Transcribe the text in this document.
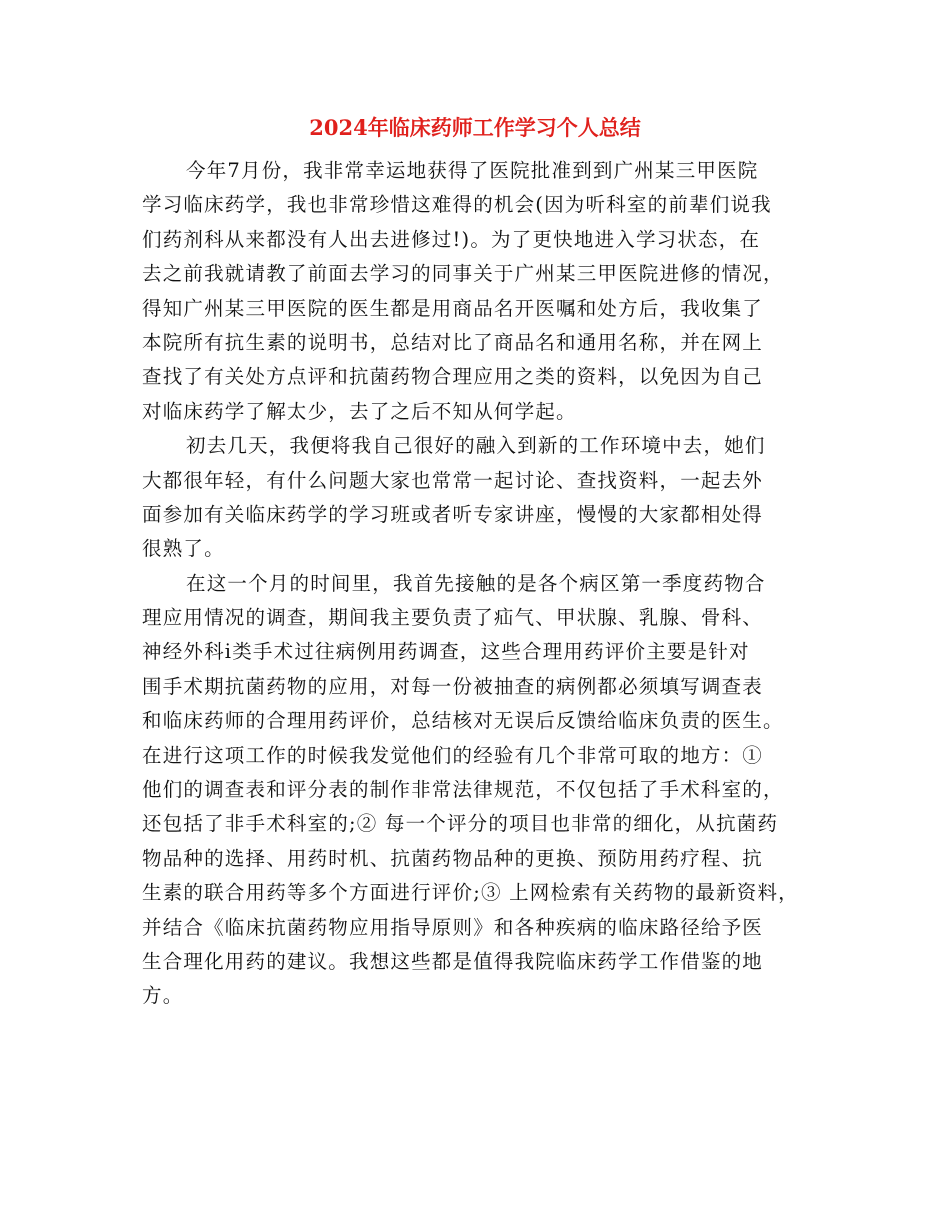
2024年临床药师工作学习个人总结
今年7月份，我非常幸运地获得了医院批准到到广州某三甲医院
学习临床药学，我也非常珍惜这难得的机会(因为听科室的前辈们说我
们药剂科从来都没有人出去进修过!)。为了更快地进入学习状态，在
去之前我就请教了前面去学习的同事关于广州某三甲医院进修的情况，
得知广州某三甲医院的医生都是用商品名开医嘱和处方后，我收集了
本院所有抗生素的说明书，总结对比了商品名和通用名称，并在网上
查找了有关处方点评和抗菌药物合理应用之类的资料，以免因为自己
对临床药学了解太少，去了之后不知从何学起。
初去几天，我便将我自己很好的融入到新的工作环境中去，她们
大都很年轻，有什么问题大家也常常一起讨论、查找资料，一起去外
面参加有关临床药学的学习班或者听专家讲座，慢慢的大家都相处得
很熟了。
在这一个月的时间里，我首先接触的是各个病区第一季度药物合
理应用情况的调查，期间我主要负责了疝气、甲状腺、乳腺、骨科、
神经外科ⅰ类手术过往病例用药调查，这些合理用药评价主要是针对
围手术期抗菌药物的应用，对每一份被抽查的病例都必须填写调查表
和临床药师的合理用药评价，总结核对无误后反馈给临床负责的医生。
在进行这项工作的时候我发觉他们的经验有几个非常可取的地方：①
他们的调查表和评分表的制作非常法律规范，不仅包括了手术科室的，
还包括了非手术科室的;② 每一个评分的项目也非常的细化，从抗菌药
物品种的选择、用药时机、抗菌药物品种的更换、预防用药疗程、抗
生素的联合用药等多个方面进行评价;③ 上网检索有关药物的最新资料，
并结合《临床抗菌药物应用指导原则》和各种疾病的临床路径给予医
生合理化用药的建议。我想这些都是值得我院临床药学工作借鉴的地
方。
